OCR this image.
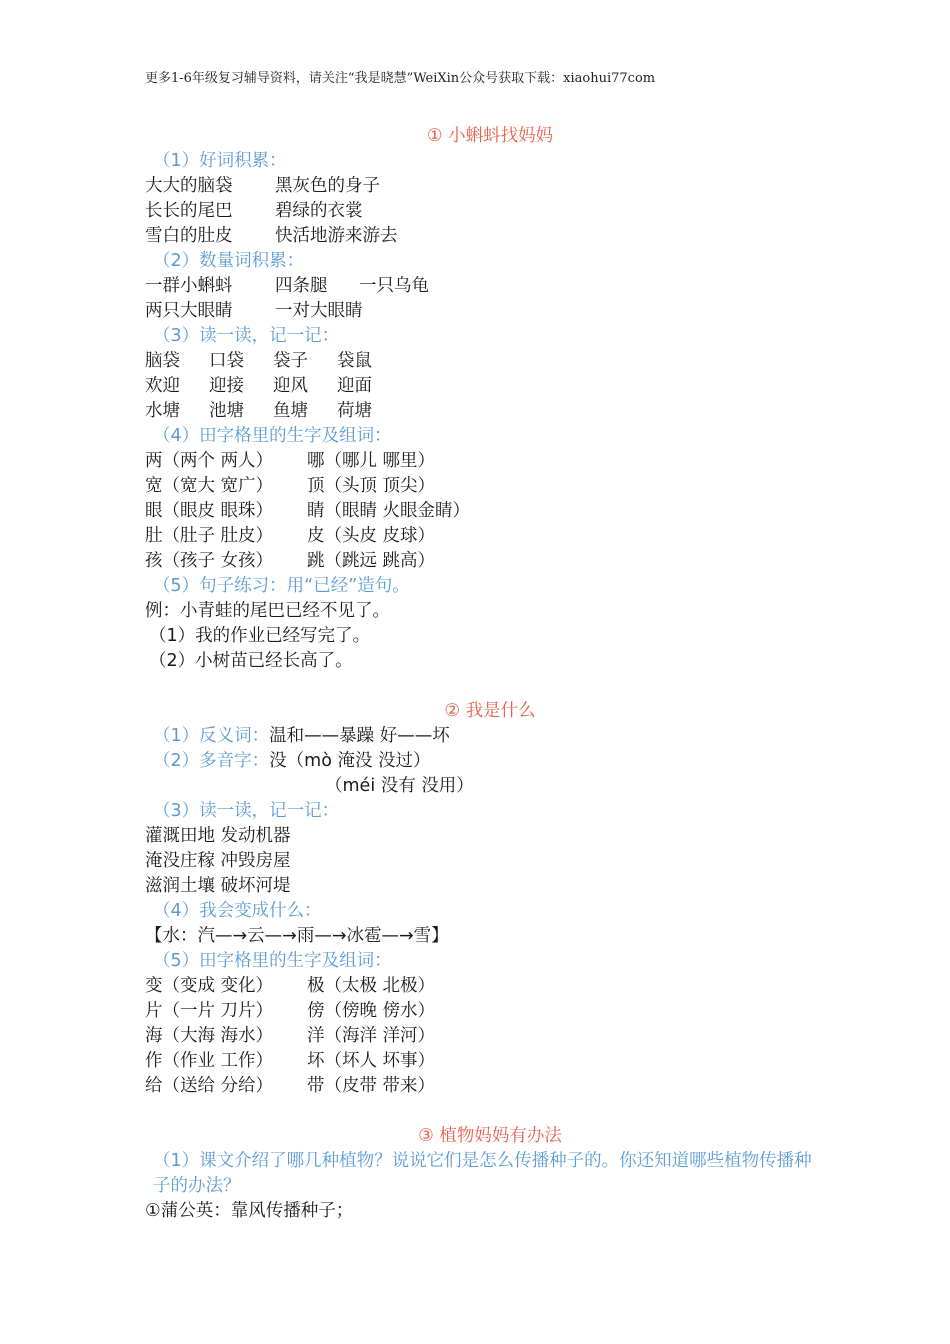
更多1-6年级复习辅导资料，请关注“我是晓慧”WeiXin公众号获取下载：xiaohui77com
① 小蝌蚪找妈妈
（1）好词积累：
大大的脑袋 黑灰色的身子
长长的尾巴 碧绿的衣裳
雪白的肚皮 快活地游来游去
（2）数量词积累：
一群小蝌蚪 四条腿 一只乌龟
两只大眼睛 一对大眼睛
（3）读一读，记一记：
脑袋 口袋 袋子 袋鼠
欢迎 迎接 迎风 迎面
水塘 池塘 鱼塘 荷塘
（4）田字格里的生字及组词：
两（两个 两人） 哪（哪儿 哪里）
宽（宽大 宽广） 顶（头顶 顶尖）
眼（眼皮 眼珠） 睛（眼睛 火眼金睛）
肚（肚子 肚皮） 皮（头皮 皮球）
孩（孩子 女孩） 跳（跳远 跳高）
（5）句子练习：用“已经”造句。
例：小青蛙的尾巴已经不见了。
（1）我的作业已经写完了。
（2）小树苗已经长高了。
② 我是什么
（1）反义词：温和——暴躁 好——坏
（2）多音字：没（mò 淹没 没过）
（méi 没有 没用）
（3）读一读，记一记：
灌溉田地 发动机器
淹没庄稼 冲毁房屋
滋润土壤 破坏河堤
（4）我会变成什么：
【水：汽—→云—→雨—→冰雹—→雪】
（5）田字格里的生字及组词：
变（变成 变化） 极（太极 北极）
片（一片 刀片） 傍（傍晚 傍水）
海（大海 海水） 洋（海洋 洋河）
作（作业 工作） 坏（坏人 坏事）
给（送给 分给） 带（皮带 带来）
③ 植物妈妈有办法
（1）课文介绍了哪几种植物？说说它们是怎么传播种子的。你还知道哪些植物传播种子的办法？
①蒲公英：靠风传播种子；
